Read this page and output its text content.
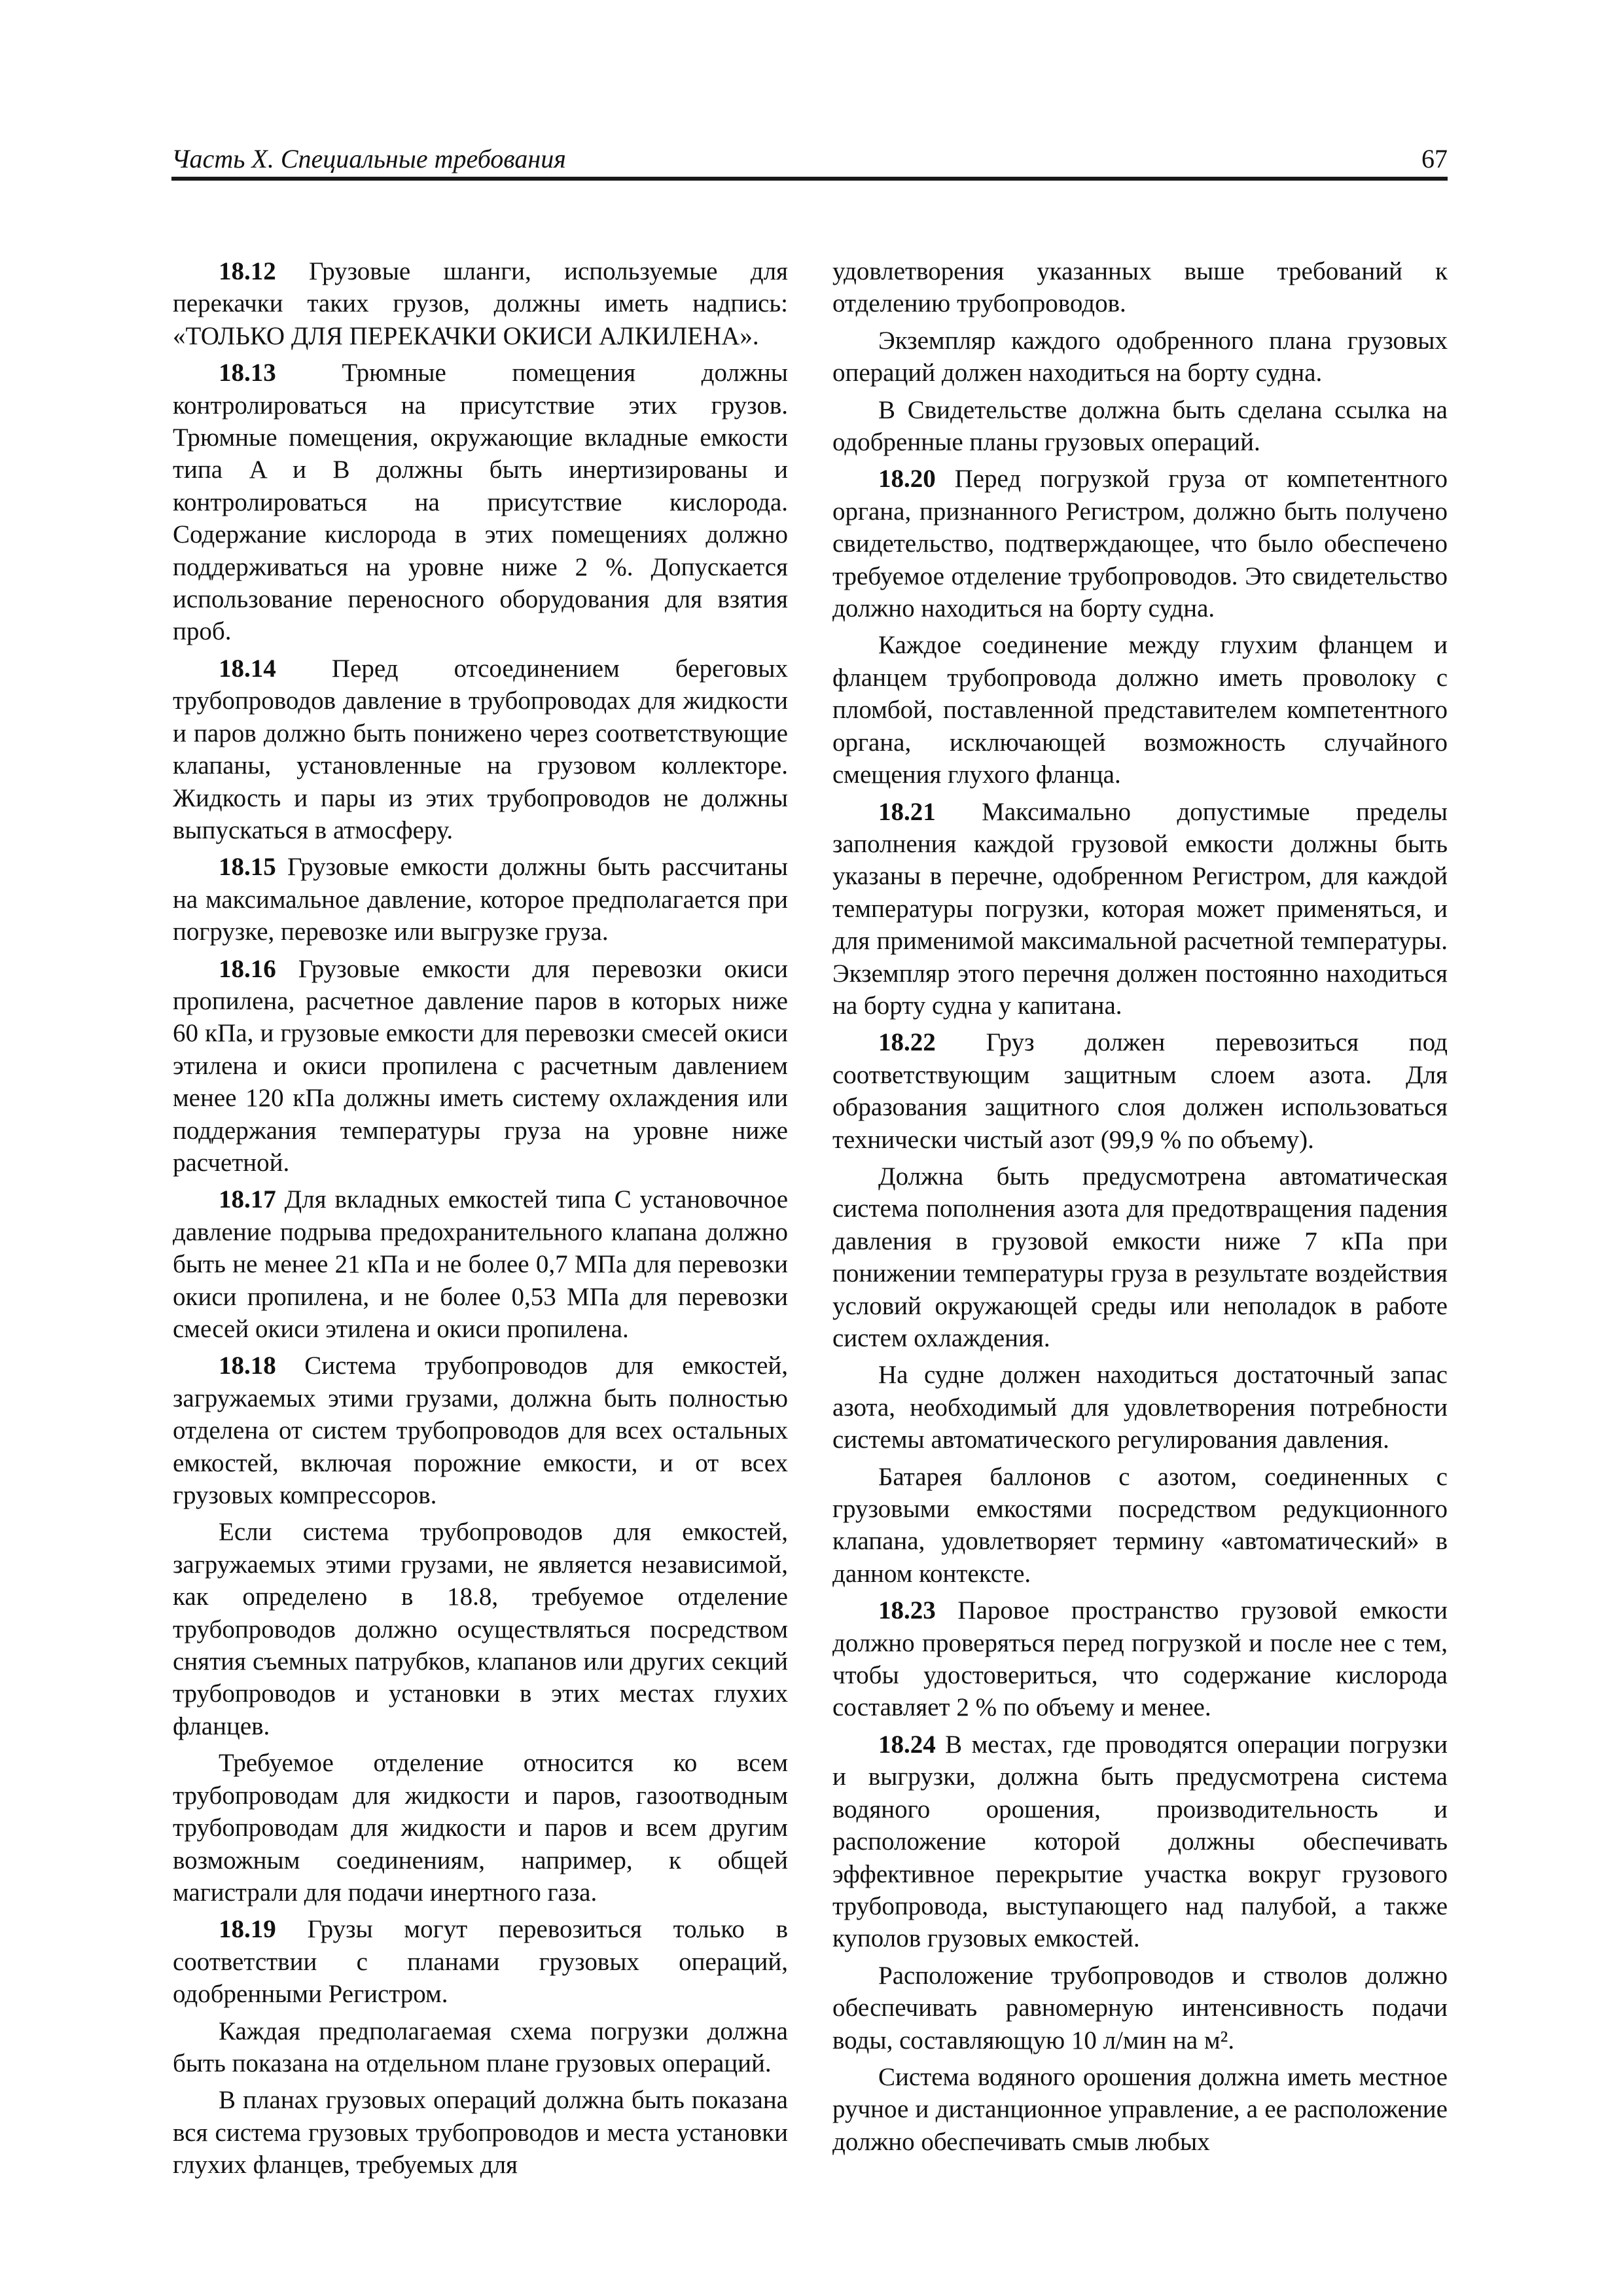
Часть X. Специальные требования	67

18.12 Грузовые шланги, используемые для перекачки таких грузов, должны иметь надпись: «ТОЛЬКО ДЛЯ ПЕРЕКАЧКИ ОКИСИ АЛКИЛЕНА».

18.13 Трюмные помещения должны контролироваться на присутствие этих грузов. Трюмные помещения, окружающие вкладные емкости типа A и B должны быть инертизированы и контролироваться на присутствие кислорода. Содержание кислорода в этих помещениях должно поддерживаться на уровне ниже 2 %. Допускается использование переносного оборудования для взятия проб.

18.14 Перед отсоединением береговых трубопроводов давление в трубопроводах для жидкости и паров должно быть понижено через соответствующие клапаны, установленные на грузовом коллекторе. Жидкость и пары из этих трубопроводов не должны выпускаться в атмосферу.

18.15 Грузовые емкости должны быть рассчитаны на максимальное давление, которое предполагается при погрузке, перевозке или выгрузке груза.

18.16 Грузовые емкости для перевозки окиси пропилена, расчетное давление паров в которых ниже 60 кПа, и грузовые емкости для перевозки смесей окиси этилена и окиси пропилена с расчетным давлением менее 120 кПа должны иметь систему охлаждения или поддержания температуры груза на уровне ниже расчетной.

18.17 Для вкладных емкостей типа C установочное давление подрыва предохранительного клапана должно быть не менее 21 кПа и не более 0,7 МПа для перевозки окиси пропилена, и не более 0,53 МПа для перевозки смесей окиси этилена и окиси пропилена.

18.18 Система трубопроводов для емкостей, загружаемых этими грузами, должна быть полностью отделена от систем трубопроводов для всех остальных емкостей, включая порожние емкости, и от всех грузовых компрессоров.

Если система трубопроводов для емкостей, загружаемых этими грузами, не является независимой, как определено в 18.8, требуемое отделение трубопроводов должно осуществляться посредством снятия съемных патрубков, клапанов или других секций трубопроводов и установки в этих местах глухих фланцев.

Требуемое отделение относится ко всем трубопроводам для жидкости и паров, газоотводным трубопроводам для жидкости и паров и всем другим возможным соединениям, например, к общей магистрали для подачи инертного газа.

18.19 Грузы могут перевозиться только в соответствии с планами грузовых операций, одобренными Регистром.

Каждая предполагаемая схема погрузки должна быть показана на отдельном плане грузовых операций.

В планах грузовых операций должна быть показана вся система грузовых трубопроводов и места установки глухих фланцев, требуемых для

удовлетворения указанных выше требований к отделению трубопроводов.

Экземпляр каждого одобренного плана грузовых операций должен находиться на борту судна.

В Свидетельстве должна быть сделана ссылка на одобренные планы грузовых операций.

18.20 Перед погрузкой груза от компетентного органа, признанного Регистром, должно быть получено свидетельство, подтверждающее, что было обеспечено требуемое отделение трубопроводов. Это свидетельство должно находиться на борту судна.

Каждое соединение между глухим фланцем и фланцем трубопровода должно иметь проволоку с пломбой, поставленной представителем компетентного органа, исключающей возможность случайного смещения глухого фланца.

18.21 Максимально допустимые пределы заполнения каждой грузовой емкости должны быть указаны в перечне, одобренном Регистром, для каждой температуры погрузки, которая может применяться, и для применимой максимальной расчетной температуры. Экземпляр этого перечня должен постоянно находиться на борту судна у капитана.

18.22 Груз должен перевозиться под соответствующим защитным слоем азота. Для образования защитного слоя должен использоваться технически чистый азот (99,9 % по объему).

Должна быть предусмотрена автоматическая система пополнения азота для предотвращения падения давления в грузовой емкости ниже 7 кПа при понижении температуры груза в результате воздействия условий окружающей среды или неполадок в работе систем охлаждения.

На судне должен находиться достаточный запас азота, необходимый для удовлетворения потребности системы автоматического регулирования давления.

Батарея баллонов с азотом, соединенных с грузовыми емкостями посредством редукционного клапана, удовлетворяет термину «автоматический» в данном контексте.

18.23 Паровое пространство грузовой емкости должно проверяться перед погрузкой и после нее с тем, чтобы удостовериться, что содержание кислорода составляет 2 % по объему и менее.

18.24 В местах, где проводятся операции погрузки и выгрузки, должна быть предусмотрена система водяного орошения, производительность и расположение которой должны обеспечивать эффективное перекрытие участка вокруг грузового трубопровода, выступающего над палубой, а также куполов грузовых емкостей.

Расположение трубопроводов и стволов должно обеспечивать равномерную интенсивность подачи воды, составляющую 10 л/мин на м².

Система водяного орошения должна иметь местное ручное и дистанционное управление, а ее расположение должно обеспечивать смыв любых
